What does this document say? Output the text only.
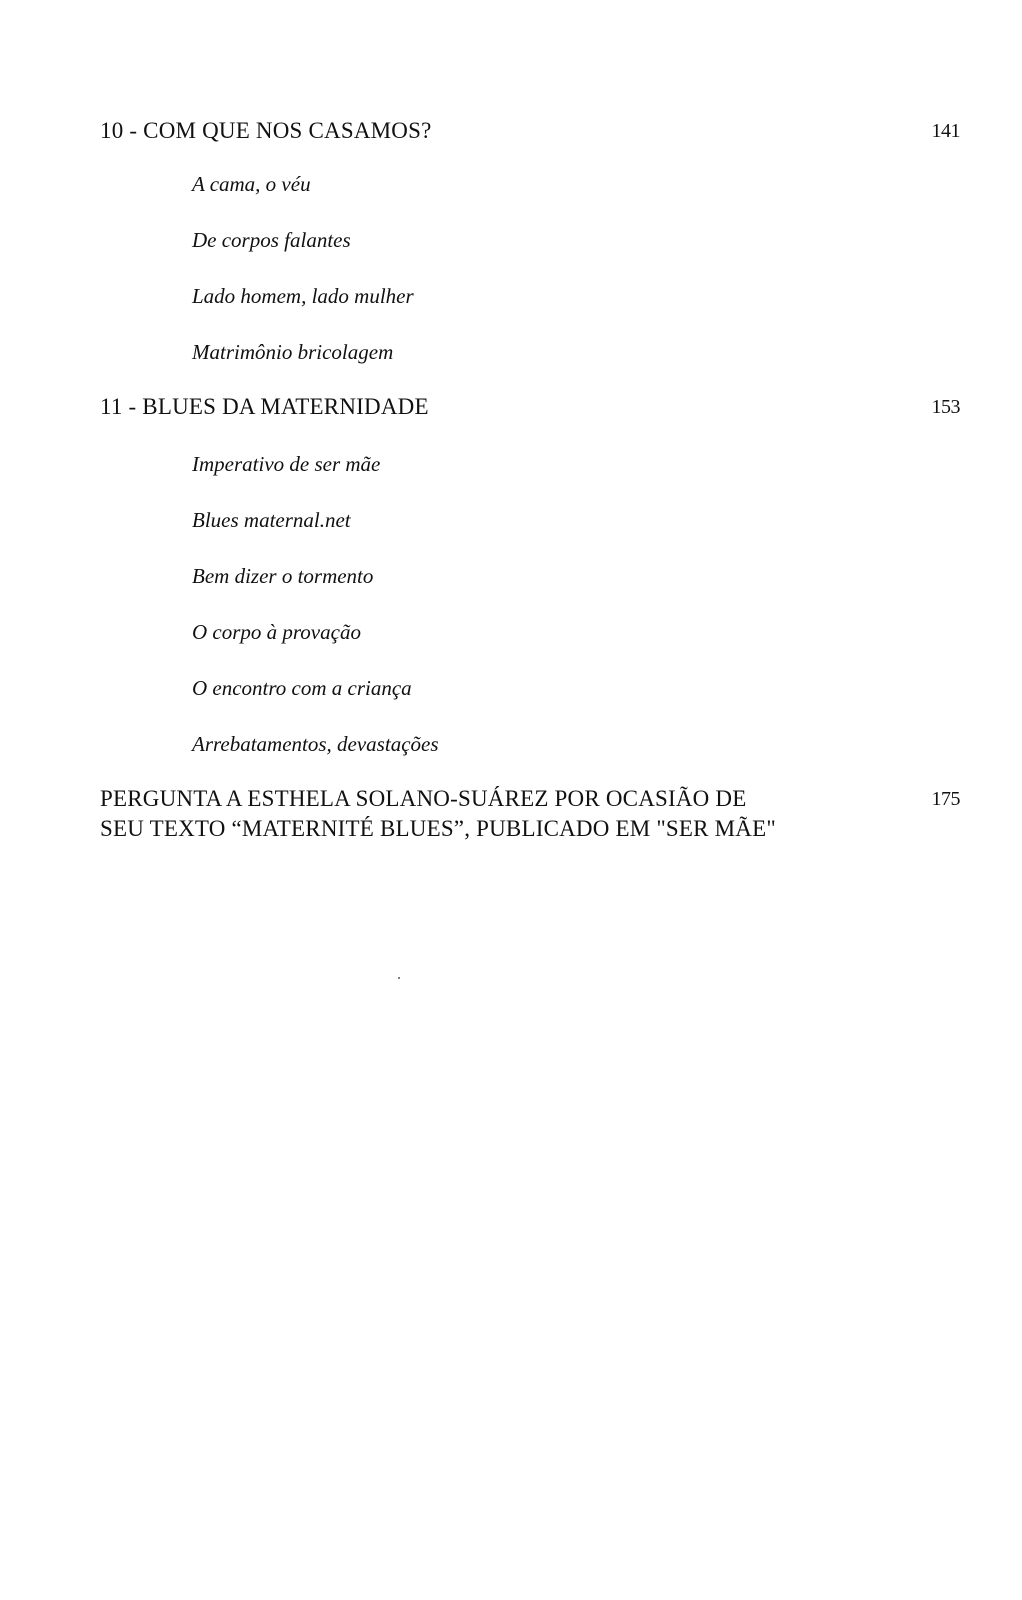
10 - COM QUE NOS CASAMOS?	141
A cama, o véu
De corpos falantes
Lado homem, lado mulher
Matrimônio bricolagem
11 - BLUES DA MATERNIDADE	153
Imperativo de ser mãe
Blues maternal.net
Bem dizer o tormento
O corpo à provação
O encontro com a criança
Arrebatamentos, devastações
PERGUNTA A ESTHELA SOLANO-SUÁREZ POR OCASIÃO DE
SEU TEXTO “MATERNITÉ BLUES”, PUBLICADO EM "SER MÃE"
175
